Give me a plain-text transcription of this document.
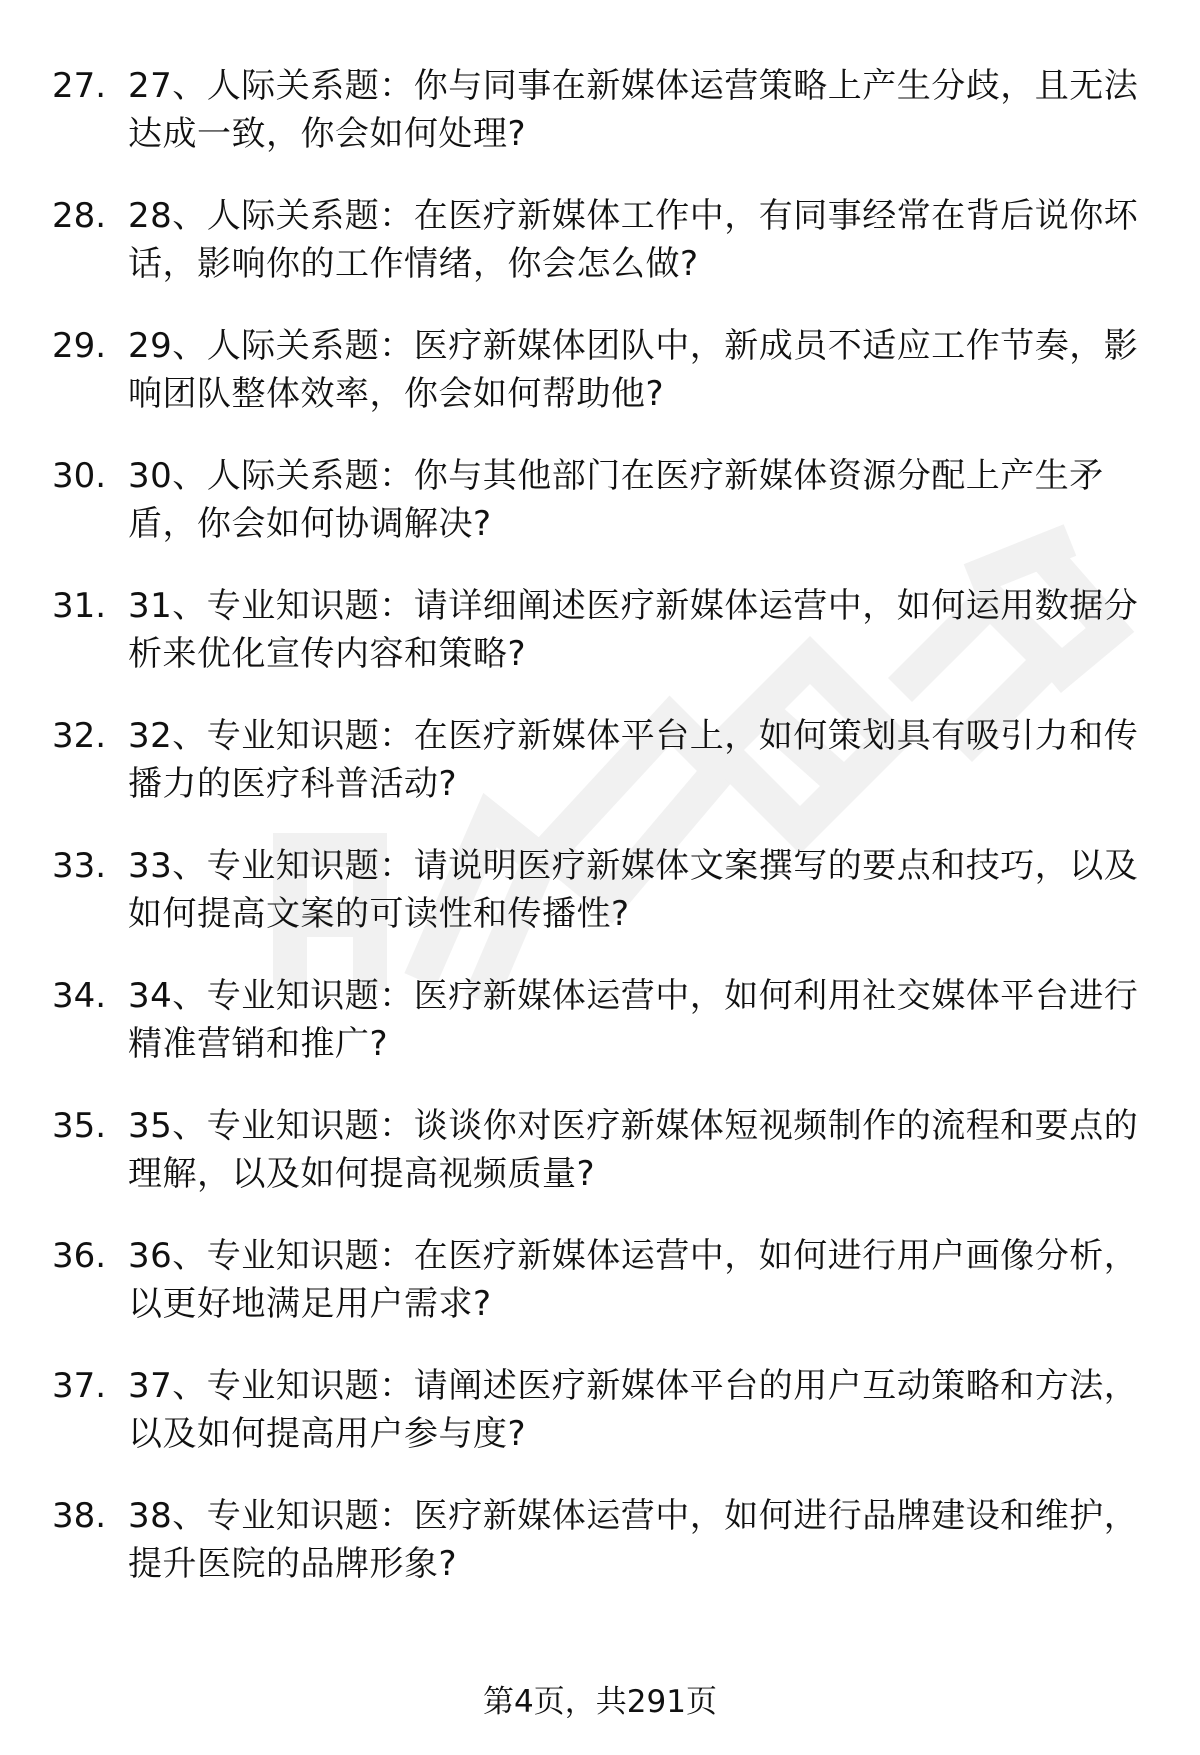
1. 27. 27、人际关系题：你与同事在新媒体运营策略上产生分歧，且无法达成一致，你会如何处理?
2. 28. 28、人际关系题：在医疗新媒体工作中，有同事经常在背后说你坏话，影响你的工作情绪，你会怎么做?
3. 29. 29、人际关系题：医疗新媒体团队中，新成员不适应工作节奏，影响团队整体效率，你会如何帮助他?
4. 30. 30、人际关系题：你与其他部门在医疗新媒体资源分配上产生矛盾，你会如何协调解决?
5. 31. 31、专业知识题：请详细阐述医疗新媒体运营中，如何运用数据分析来优化宣传内容和策略?
6. 32. 32、专业知识题：在医疗新媒体平台上，如何策划具有吸引力和传播力的医疗科普活动?
7. 33. 33、专业知识题：请说明医疗新媒体文案撰写的要点和技巧，以及如何提高文案的可读性和传播性?
8. 34. 34、专业知识题：医疗新媒体运营中，如何利用社交媒体平台进行精准营销和推广?
9. 35. 35、专业知识题：谈谈你对医疗新媒体短视频制作的流程和要点的理解，以及如何提高视频质量?
10. 36. 36、专业知识题：在医疗新媒体运营中，如何进行用户画像分析，以更好地满足用户需求?
11. 37. 37、专业知识题：请阐述医疗新媒体平台的用户互动策略和方法，以及如何提高用户参与度?
12. 38. 38、专业知识题：医疗新媒体运营中，如何进行品牌建设和维护，提升医院的品牌形象?
第4页，共291页
